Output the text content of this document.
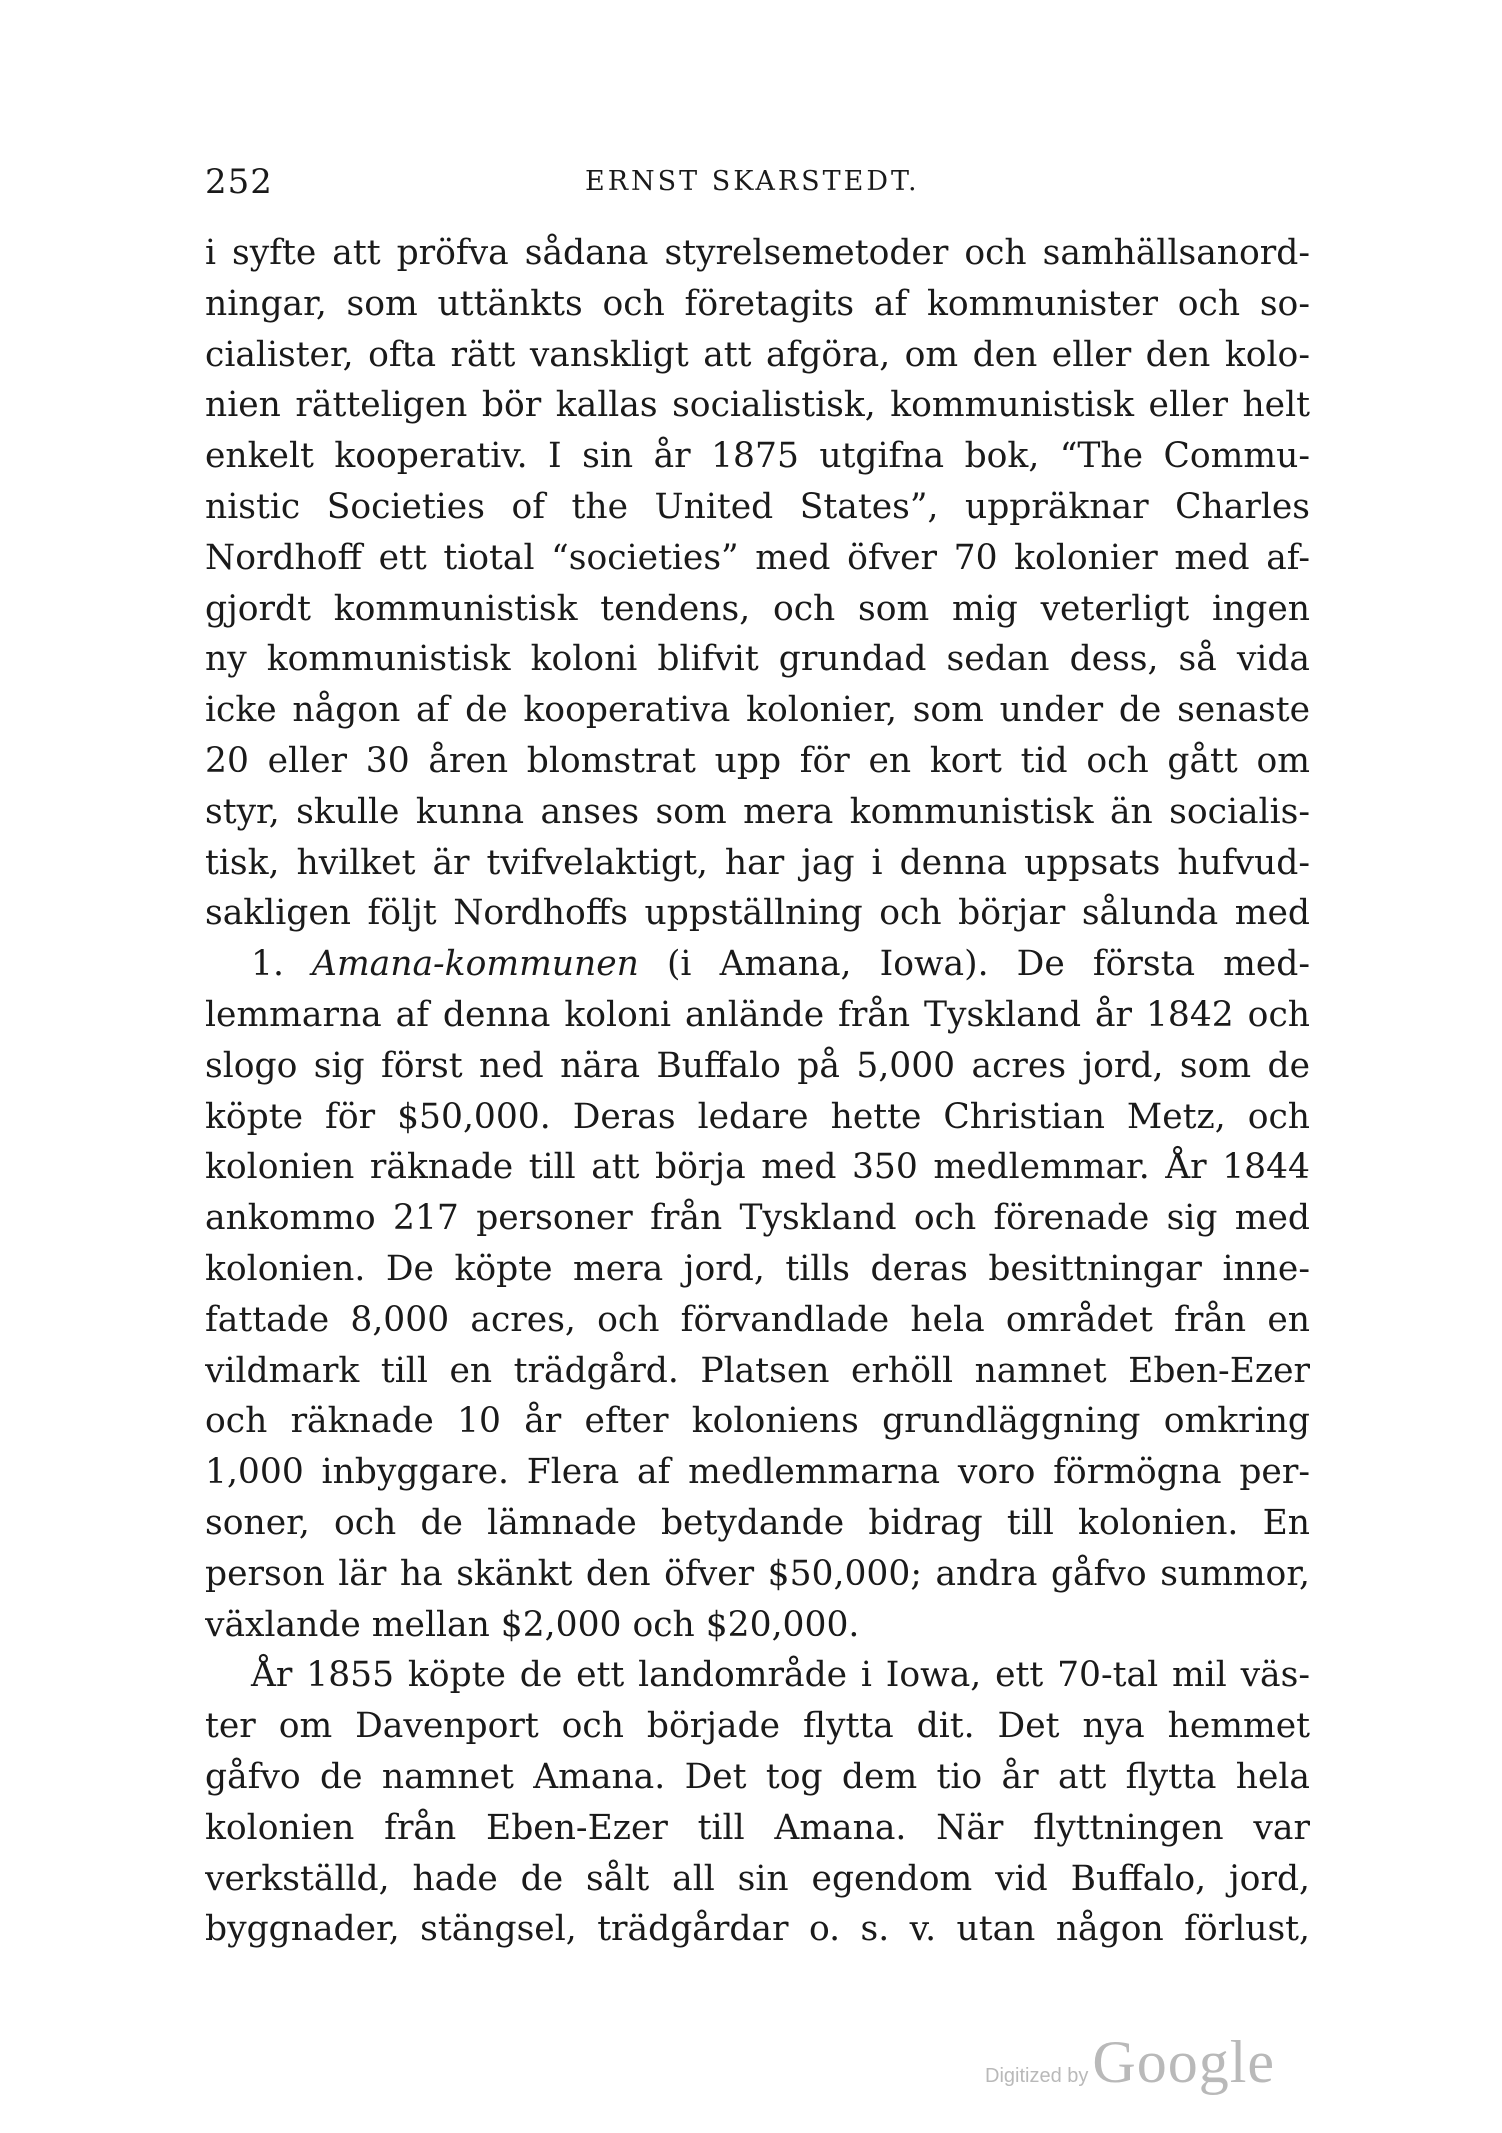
252	ERNST SKARSTEDT.
i syfte att pröfva sådana styrelsemetoder och samhällsanord-
ningar, som uttänkts och företagits af kommunister och so-
cialister, ofta rätt vanskligt att afgöra, om den eller den kolo-
nien rätteligen bör kallas socialistisk, kommunistisk eller helt
enkelt kooperativ. I sin år 1875 utgifna bok, “The Commu-
nistic Societies of the United States”, uppräknar Charles
Nordhoff ett tiotal “societies” med öfver 70 kolonier med af-
gjordt kommunistisk tendens, och som mig veterligt ingen
ny kommunistisk koloni blifvit grundad sedan dess, så vida
icke någon af de kooperativa kolonier, som under de senaste
20 eller 30 åren blomstrat upp för en kort tid och gått om
styr, skulle kunna anses som mera kommunistisk än socialis-
tisk, hvilket är tvifvelaktigt, har jag i denna uppsats hufvud-
sakligen följt Nordhoffs uppställning och börjar sålunda med
1. Amana-kommunen (i Amana, Iowa). De första med-
lemmarna af denna koloni anlände från Tyskland år 1842 och
slogo sig först ned nära Buffalo på 5,000 acres jord, som de
köpte för $50,000. Deras ledare hette Christian Metz, och
kolonien räknade till att börja med 350 medlemmar. År 1844
ankommo 217 personer från Tyskland och förenade sig med
kolonien. De köpte mera jord, tills deras besittningar inne-
fattade 8,000 acres, och förvandlade hela området från en
vildmark till en trädgård. Platsen erhöll namnet Eben-Ezer
och räknade 10 år efter koloniens grundläggning omkring
1,000 inbyggare. Flera af medlemmarna voro förmögna per-
soner, och de lämnade betydande bidrag till kolonien. En
person lär ha skänkt den öfver $50,000; andra gåfvo summor,
växlande mellan $2,000 och $20,000.
År 1855 köpte de ett landområde i Iowa, ett 70-tal mil väs-
ter om Davenport och började flytta dit. Det nya hemmet
gåfvo de namnet Amana. Det tog dem tio år att flytta hela
kolonien från Eben-Ezer till Amana. När flyttningen var
verkställd, hade de sålt all sin egendom vid Buffalo, jord,
byggnader, stängsel, trädgårdar o. s. v. utan någon förlust,
Digitized byGoogle
